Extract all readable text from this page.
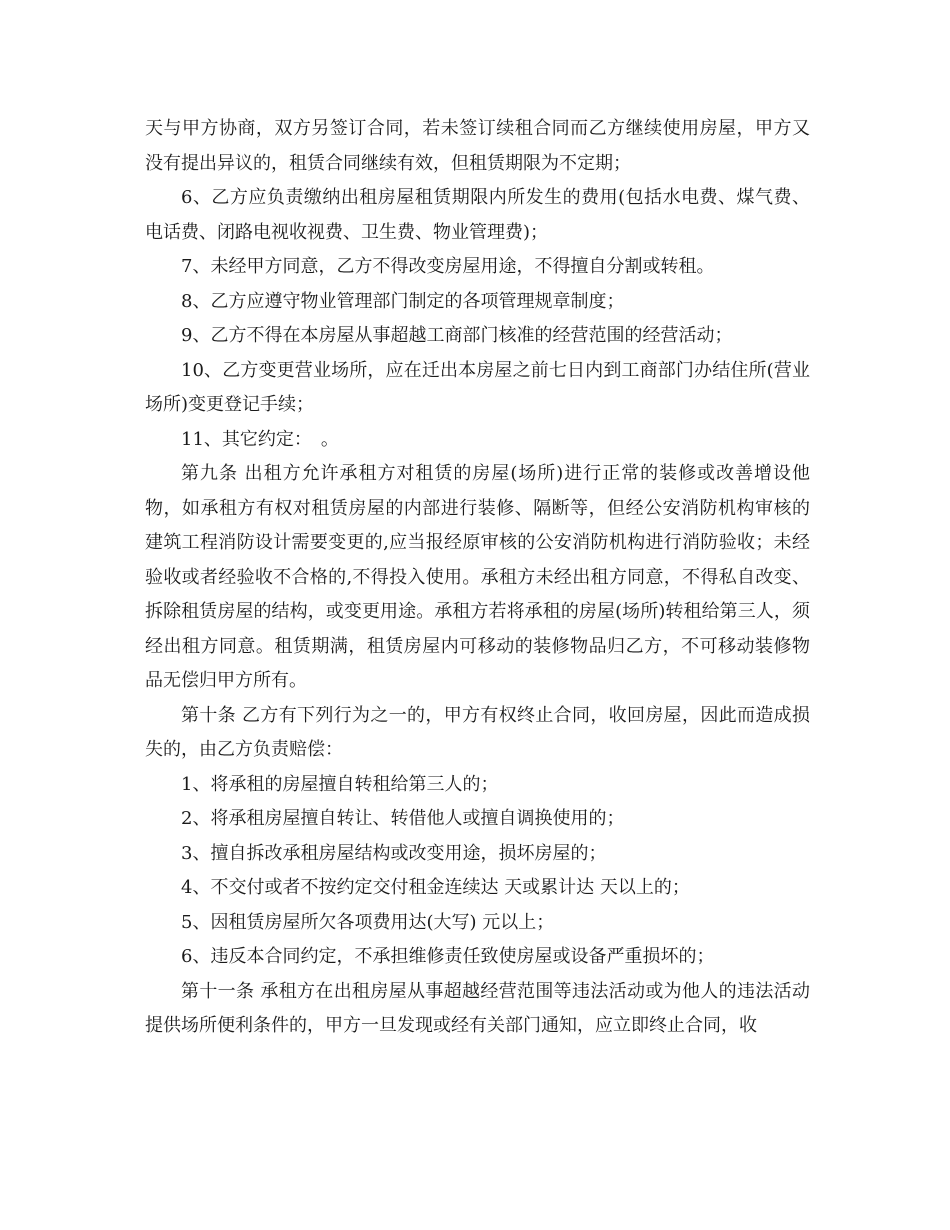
天与甲方协商，双方另签订合同，若未签订续租合同而乙方继续使用房屋，甲方又没有提出异议的，租赁合同继续有效，但租赁期限为不定期；

6、乙方应负责缴纳出租房屋租赁期限内所发生的费用(包括水电费、煤气费、电话费、闭路电视收视费、卫生费、物业管理费)；

7、未经甲方同意，乙方不得改变房屋用途，不得擅自分割或转租。

8、乙方应遵守物业管理部门制定的各项管理规章制度；

9、乙方不得在本房屋从事超越工商部门核准的经营范围的经营活动；

10、乙方变更营业场所，应在迁出本房屋之前七日内到工商部门办结住所(营业场所)变更登记手续；

11、其它约定：　。

第九条 出租方允许承租方对租赁的房屋(场所)进行正常的装修或改善增设他物，如承租方有权对租赁房屋的内部进行装修、隔断等，但经公安消防机构审核的建筑工程消防设计需要变更的,应当报经原审核的公安消防机构进行消防验收；未经验收或者经验收不合格的,不得投入使用。承租方未经出租方同意，不得私自改变、拆除租赁房屋的结构，或变更用途。承租方若将承租的房屋(场所)转租给第三人，须经出租方同意。租赁期满，租赁房屋内可移动的装修物品归乙方，不可移动装修物品无偿归甲方所有。

第十条 乙方有下列行为之一的，甲方有权终止合同，收回房屋，因此而造成损失的，由乙方负责赔偿：

1、将承租的房屋擅自转租给第三人的；

2、将承租房屋擅自转让、转借他人或擅自调换使用的；

3、擅自拆改承租房屋结构或改变用途，损坏房屋的；

4、不交付或者不按约定交付租金连续达 天或累计达 天以上的；

5、因租赁房屋所欠各项费用达(大写) 元以上；

6、违反本合同约定，不承担维修责任致使房屋或设备严重损坏的；

第十一条 承租方在出租房屋从事超越经营范围等违法活动或为他人的违法活动提供场所便利条件的，甲方一旦发现或经有关部门通知，应立即终止合同，收
